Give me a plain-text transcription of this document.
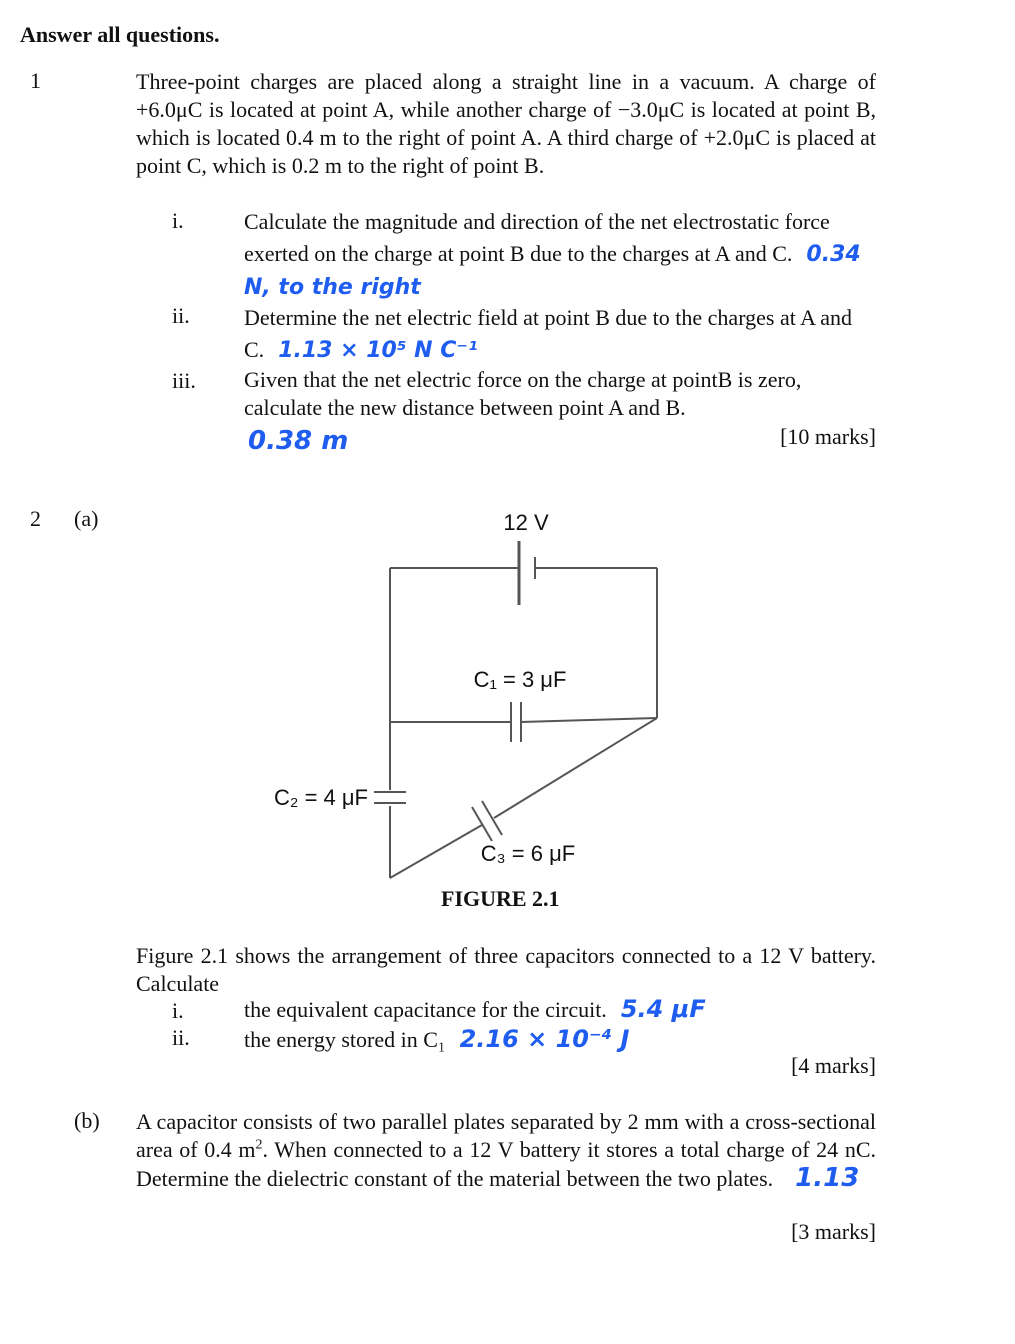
Answer all questions.
1	Three-point charges are placed along a straight line in a vacuum. A charge of +6.0μC is located at point A, while another charge of −3.0μC is located at point B, which is located 0.4 m to the right of point A. A third charge of +2.0μC is placed at point C, which is 0.2 m to the right of point B.
i.	Calculate the magnitude and direction of the net electrostatic force exerted on the charge at point B due to the charges at A and C. 0.34 N, to the right
ii. Determine the net electric field at point B due to the charges at A and C. 1.13 × 10⁵ N C⁻¹
iii. Given that the net electric force on the charge at pointB is zero, calculate the new distance between point A and B.
0.38 m	[10 marks]
2 (a)	12 V
C₁ = 3 μF
C₂ = 4 μF
C₃ = 6 μF
FIGURE 2.1
Figure 2.1 shows the arrangement of three capacitors connected to a 12 V battery. Calculate
i.	the equivalent capacitance for the circuit. 5.4 μF
ii. the energy stored in C₁ 2.16 × 10⁻⁴ J
[4 marks]
(b) A capacitor consists of two parallel plates separated by 2 mm with a cross-sectional area of 0.4 $m^2$. When connected to a 12 V battery it stores a total charge of 24 nC. Determine the dielectric constant of the material between the two plates. 1.13
[3 marks]
